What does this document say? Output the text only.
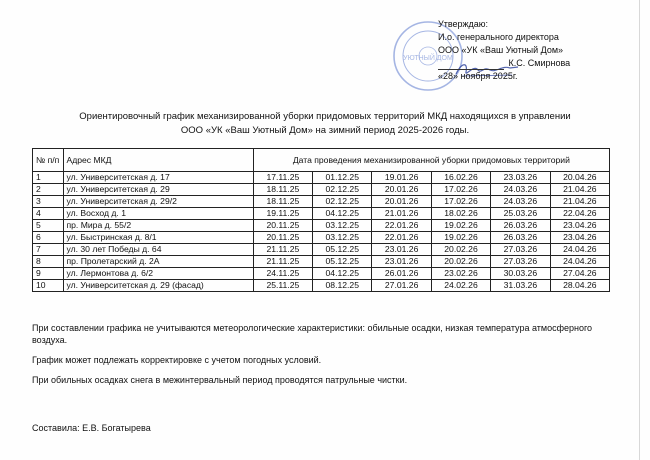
УЮТНЫЙ ДОМ
Утверждаю:
И.о. генерального директора
ООО «УК «Ваш Уютный Дом»
К.С. Смирнова
«28» ноября 2025г.
Ориентировочный график механизированной уборки придомовых территорий МКД находящихся в управлении
ООО «УК «Ваш Уютный Дом» на зимний период 2025-2026 годы.
№ п/п	Адрес МКД	Дата проведения механизированной уборки придомовых территорий					
1	ул. Университетская д. 17	17.11.25	01.12.25	19.01.26	16.02.26	23.03.26	20.04.26
2	ул. Университетская д. 29	18.11.25	02.12.25	20.01.26	17.02.26	24.03.26	21.04.26
3	ул. Университетская д. 29/2	18.11.25	02.12.25	20.01.26	17.02.26	24.03.26	21.04.26
4	ул. Восход д. 1	19.11.25	04.12.25	21.01.26	18.02.26	25.03.26	22.04.26
5	пр. Мира д. 55/2	20.11.25	03.12.25	22.01.26	19.02.26	26.03.26	23.04.26
6	ул. Быстринская д. 8/1	20.11.25	03.12.25	22.01.26	19.02.26	26.03.26	23.04.26
7	ул. 30 лет Победы д. 64	21.11.25	05.12.25	23.01.26	20.02.26	27.03.26	24.04.26
8	пр. Пролетарский д. 2А	21.11.25	05.12.25	23.01.26	20.02.26	27.03.26	24.04.26
9	ул. Лермонтова д. 6/2	24.11.25	04.12.25	26.01.26	23.02.26	30.03.26	27.04.26
10	ул. Университетская д. 29 (фасад)	25.11.25	08.12.25	27.01.26	24.02.26	31.03.26	28.04.26

При составлении графика не учитываются метеорологические характеристики: обильные осадки, низкая температура атмосферного воздуха.

График может подлежать корректировке с учетом погодных условий.

При обильных осадках снега в межинтервальный период проводятся патрульные чистки.

Составила: Е.В. Богатырева
